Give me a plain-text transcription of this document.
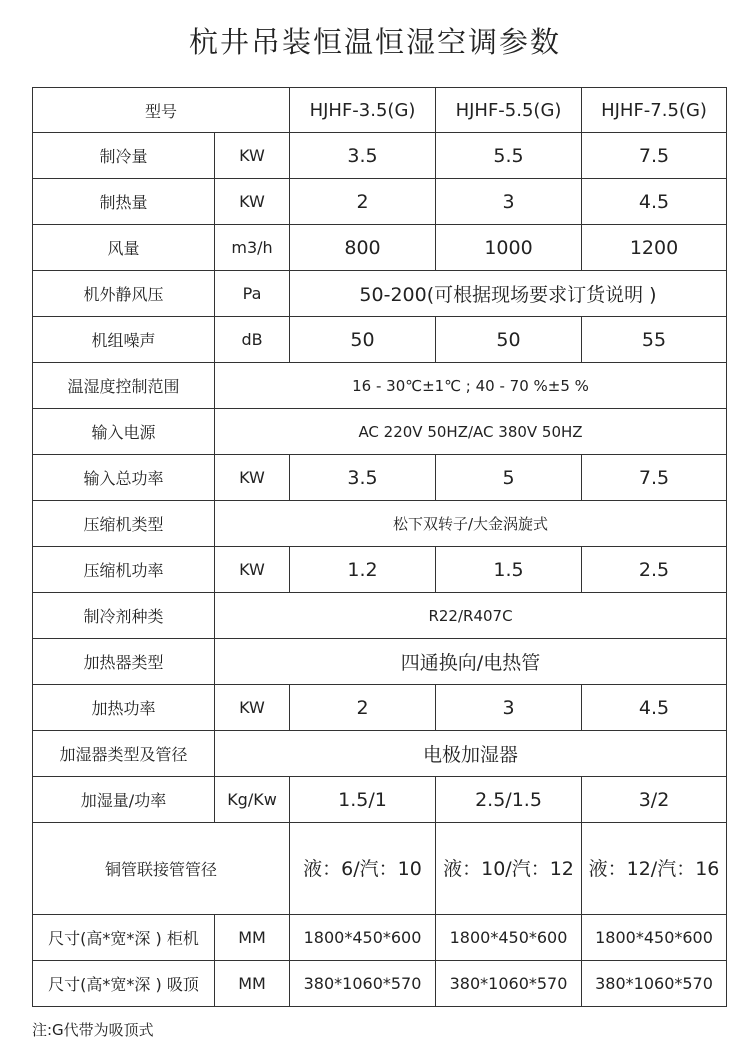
杭井吊装恒温恒湿空调参数
型号		HJHF-3.5(G)	HJHF-5.5(G)	HJHF-7.5(G)
制冷量	KW	3.5	5.5	7.5
制热量	KW	2	3	4.5
风量	m3/h	800	1000	1200
机外静风压	Pa	50-200(可根据现场要求订货说明 )		
机组噪声	dB	50	50	55
温湿度控制范围	16 - 30℃±1℃ ; 40 - 70 %±5 %			
输入电源	AC 220V 50HZ/AC 380V 50HZ			
输入总功率	KW	3.5	5	7.5
压缩机类型	松下双转子/大金涡旋式			
压缩机功率	KW	1.2	1.5	2.5
制冷剂种类	R22/R407C			
加热器类型	四通换向/电热管			
加热功率	KW	2	3	4.5
加湿器类型及管径	电极加湿器			
加湿量/功率	Kg/Kw	1.5/1	2.5/1.5	3/2
铜管联接管管径		液：6/汽：10	液：10/汽：12	液：12/汽：16
尺寸(高*宽*深 ) 柜机	MM	1800*450*600	1800*450*600	1800*450*600
尺寸(高*宽*深 ) 吸顶	MM	380*1060*570	380*1060*570	380*1060*570
注:G代带为吸顶式
